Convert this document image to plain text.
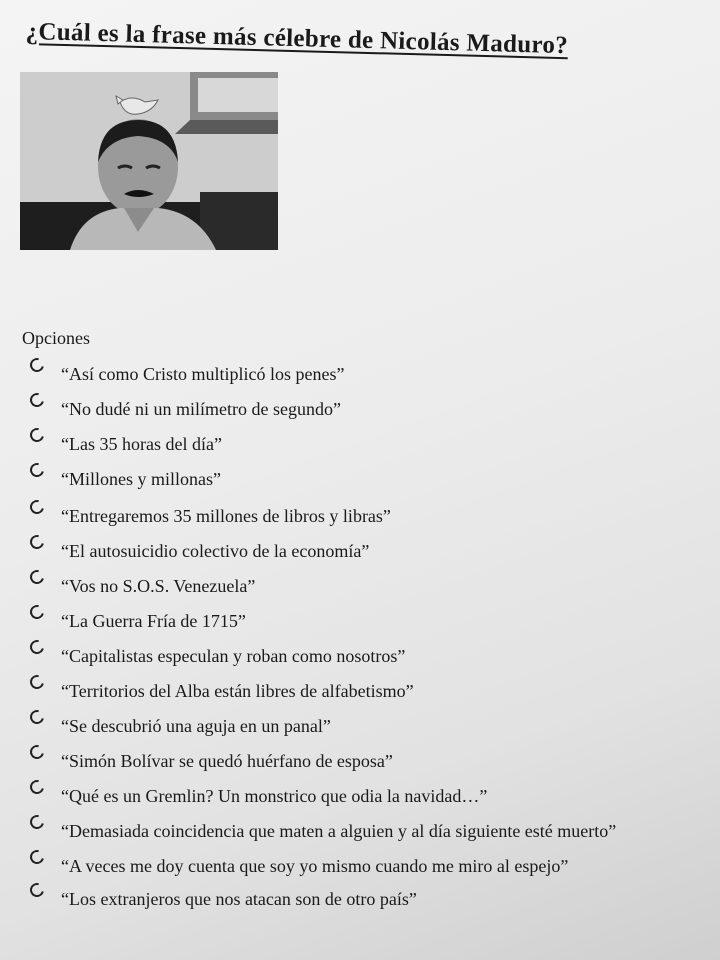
¿Cuál es la frase más célebre de Nicolás Maduro?
Opciones
“Así como Cristo multiplicó los penes”
“No dudé ni un milímetro de segundo”
“Las 35 horas del día”
“Millones y millonas”
“Entregaremos 35 millones de libros y libras”
“El autosuicidio colectivo de la economía”
“Vos no S.O.S. Venezuela”
“La Guerra Fría de 1715”
“Capitalistas especulan y roban como nosotros”
“Territorios del Alba están libres de alfabetismo”
“Se descubrió una aguja en un panal”
“Simón Bolívar se quedó huérfano de esposa”
“Qué es un Gremlin? Un monstrico que odia la navidad…”
“Demasiada coincidencia que maten a alguien y al día siguiente esté muerto”
“A veces me doy cuenta que soy yo mismo cuando me miro al espejo”
“Los extranjeros que nos atacan son de otro país”
